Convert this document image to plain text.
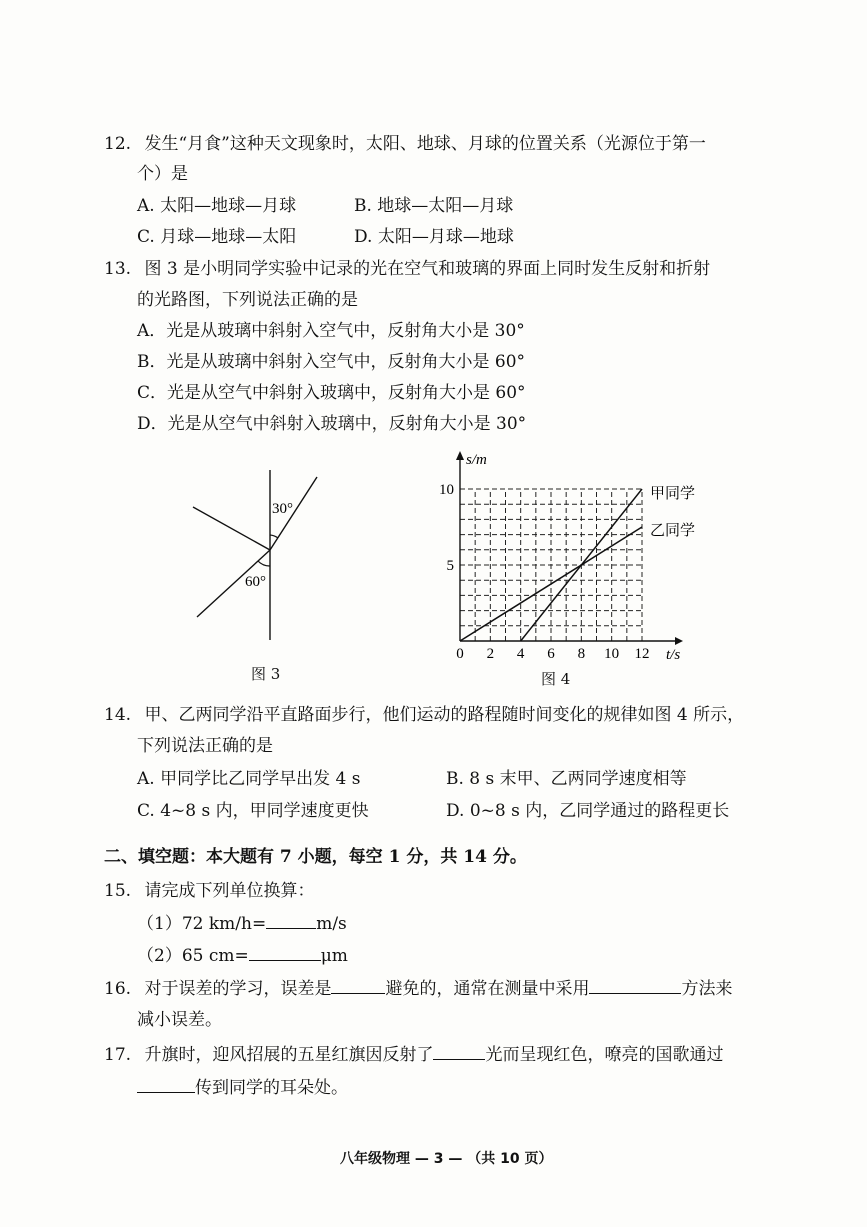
12. 发生“月食”这种天文现象时，太阳、地球、月球的位置关系（光源位于第一
个）是
A. 太阳—地球—月球	B. 地球—太阳—月球
C. 月球—地球—太阳	D. 太阳—月球—地球
13. 图 3 是小明同学实验中记录的光在空气和玻璃的界面上同时发生反射和折射
的光路图，下列说法正确的是
A．光是从玻璃中斜射入空气中，反射角大小是 30°
B．光是从玻璃中斜射入空气中，反射角大小是 60°
C．光是从空气中斜射入玻璃中，反射角大小是 60°
D．光是从空气中斜射入玻璃中，反射角大小是 30°
30°
60°
图 3
s/m
t/s
0 2 4 6 8 10 12
5
10	甲同学
乙同学
图 4
14. 甲、乙两同学沿平直路面步行，他们运动的路程随时间变化的规律如图 4 所示，
下列说法正确的是
A. 甲同学比乙同学早出发 4 s	B. 8 s 末甲、乙两同学速度相等
C. 4~8 s 内，甲同学速度更快	D. 0~8 s 内，乙同学通过的路程更长
二、填空题：本大题有 7 小题，每空 1 分，共 14 分。
15. 请完成下列单位换算：
（1）72 km/h=	m/s
（2）65 cm=	μm
16. 对于误差的学习，误差是	避免的，通常在测量中采用	方法来
减小误差。
17. 升旗时，迎风招展的五星红旗因反射了	光而呈现红色，嘹亮的国歌通过
传到同学的耳朵处。
八年级物理 — 3 — （共 10 页）
